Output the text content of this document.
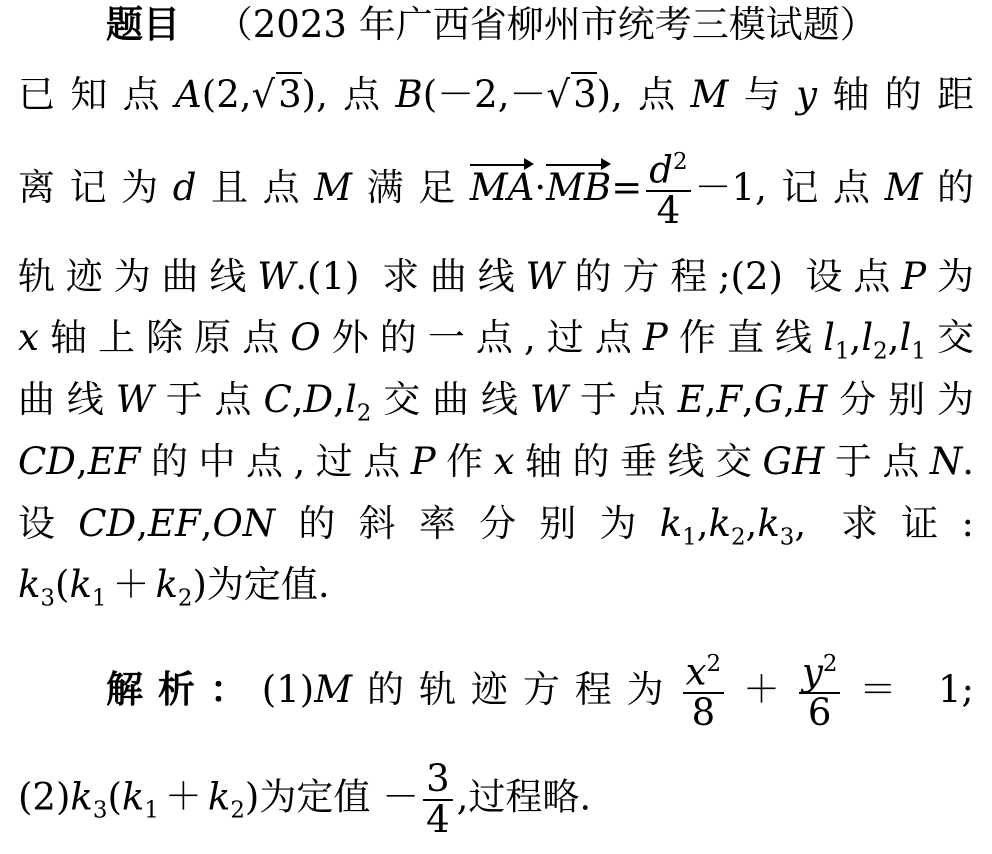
题目 （2023 年广西省柳州市统考三模试题）
已知点A(2,√3),点B(－2,－√3),点M与y轴的距
离记为d且点M满足$MA\cdot MB= \frac{d^2}{4} -1$,记点M的
轨迹为曲线W.(1) 求曲线W的方程;(2) 设点P为
x轴上除原点O外的一点,过点P作直线$l_1,l_2,l_1$交
曲线W于点$C,D,l_2$交曲线W于点E,F,G,H分别为
CD,EF的中点,过点P作x轴的垂线交GH于点N.
设CD,EF,ON的斜率分别为$k_1,k_2,k_3$, 求证:
$k_3(k_1 + k_2)$为定值.
解析：(1)M的轨迹方程为 $\frac{x^2}{8} + \frac{y^2}{6} = 1$;
$(2)k_3(k_1 + k_2)$为定值 － $\frac{3}{4}$ ,过程略.
